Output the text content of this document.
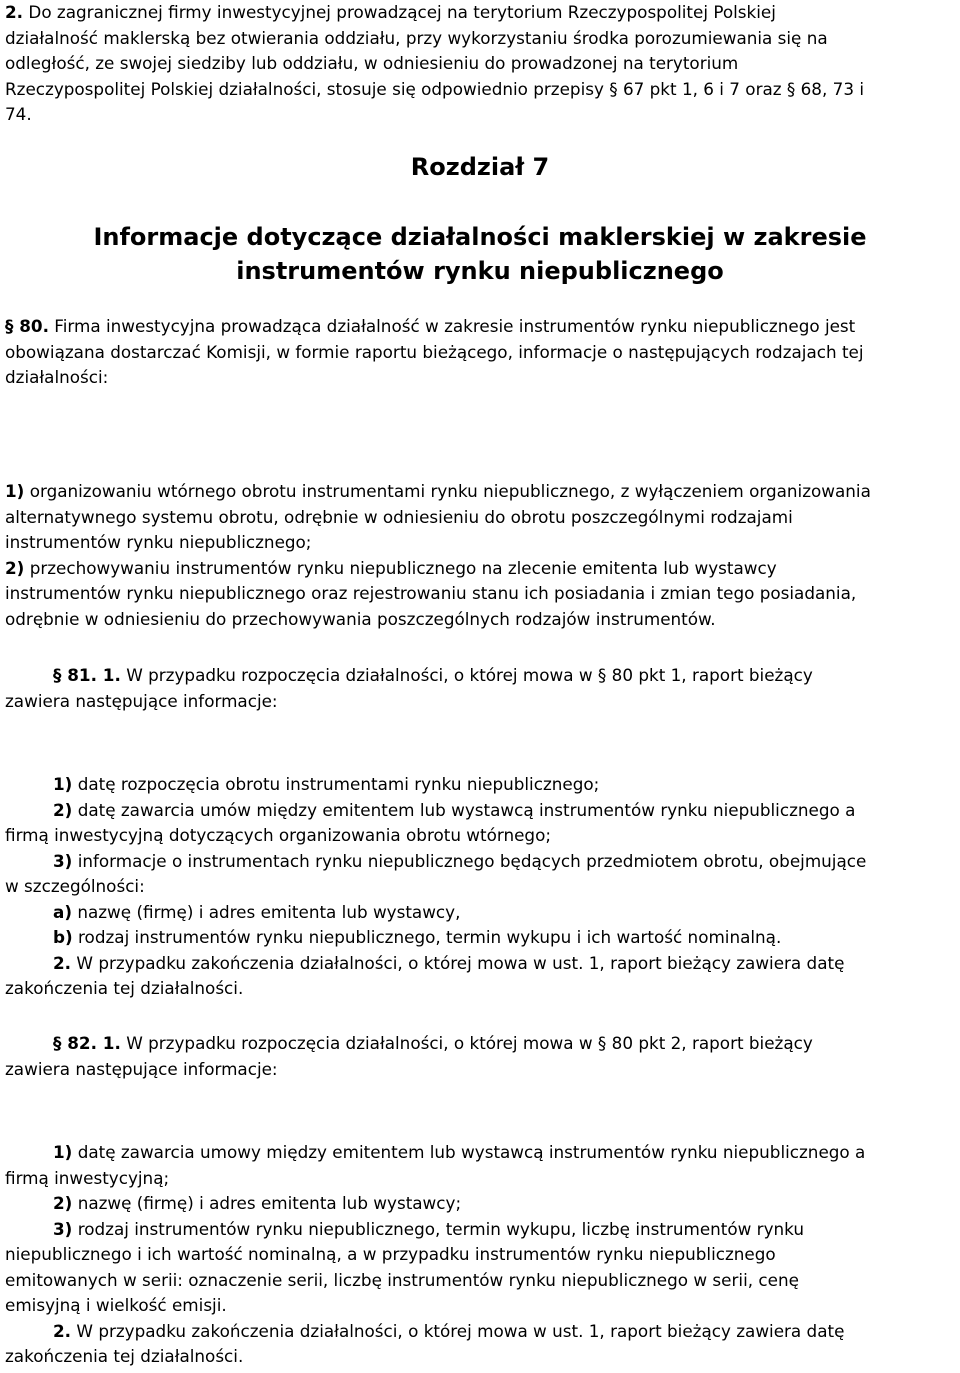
2. Do zagranicznej firmy inwestycyjnej prowadzącej na terytorium Rzeczypospolitej Polskiej
działalność maklerską bez otwierania oddziału, przy wykorzystaniu środka porozumiewania się na
odległość, ze swojej siedziby lub oddziału, w odniesieniu do prowadzonej na terytorium
Rzeczypospolitej Polskiej działalności, stosuje się odpowiednio przepisy § 67 pkt 1, 6 i 7 oraz § 68, 73 i
74.
Rozdział 7
Informacje dotyczące działalności maklerskiej w zakresie
instrumentów rynku niepublicznego
§ 80. Firma inwestycyjna prowadząca działalność w zakresie instrumentów rynku niepublicznego jest
obowiązana dostarczać Komisji, w formie raportu bieżącego, informacje o następujących rodzajach tej
działalności:
1) organizowaniu wtórnego obrotu instrumentami rynku niepublicznego, z wyłączeniem organizowania
alternatywnego systemu obrotu, odrębnie w odniesieniu do obrotu poszczególnymi rodzajami
instrumentów rynku niepublicznego;
2) przechowywaniu instrumentów rynku niepublicznego na zlecenie emitenta lub wystawcy
instrumentów rynku niepublicznego oraz rejestrowaniu stanu ich posiadania i zmian tego posiadania,
odrębnie w odniesieniu do przechowywania poszczególnych rodzajów instrumentów.
§ 81. 1. W przypadku rozpoczęcia działalności, o której mowa w § 80 pkt 1, raport bieżący
zawiera następujące informacje:
1) datę rozpoczęcia obrotu instrumentami rynku niepublicznego;
2) datę zawarcia umów między emitentem lub wystawcą instrumentów rynku niepublicznego a
firmą inwestycyjną dotyczących organizowania obrotu wtórnego;
3) informacje o instrumentach rynku niepublicznego będących przedmiotem obrotu, obejmujące
w szczególności:
a) nazwę (firmę) i adres emitenta lub wystawcy,
b) rodzaj instrumentów rynku niepublicznego, termin wykupu i ich wartość nominalną.
2. W przypadku zakończenia działalności, o której mowa w ust. 1, raport bieżący zawiera datę
zakończenia tej działalności.
§ 82. 1. W przypadku rozpoczęcia działalności, o której mowa w § 80 pkt 2, raport bieżący
zawiera następujące informacje:
1) datę zawarcia umowy między emitentem lub wystawcą instrumentów rynku niepublicznego a
firmą inwestycyjną;
2) nazwę (firmę) i adres emitenta lub wystawcy;
3) rodzaj instrumentów rynku niepublicznego, termin wykupu, liczbę instrumentów rynku
niepublicznego i ich wartość nominalną, a w przypadku instrumentów rynku niepublicznego
emitowanych w serii: oznaczenie serii, liczbę instrumentów rynku niepublicznego w serii, cenę
emisyjną i wielkość emisji.
2. W przypadku zakończenia działalności, o której mowa w ust. 1, raport bieżący zawiera datę
zakończenia tej działalności.
